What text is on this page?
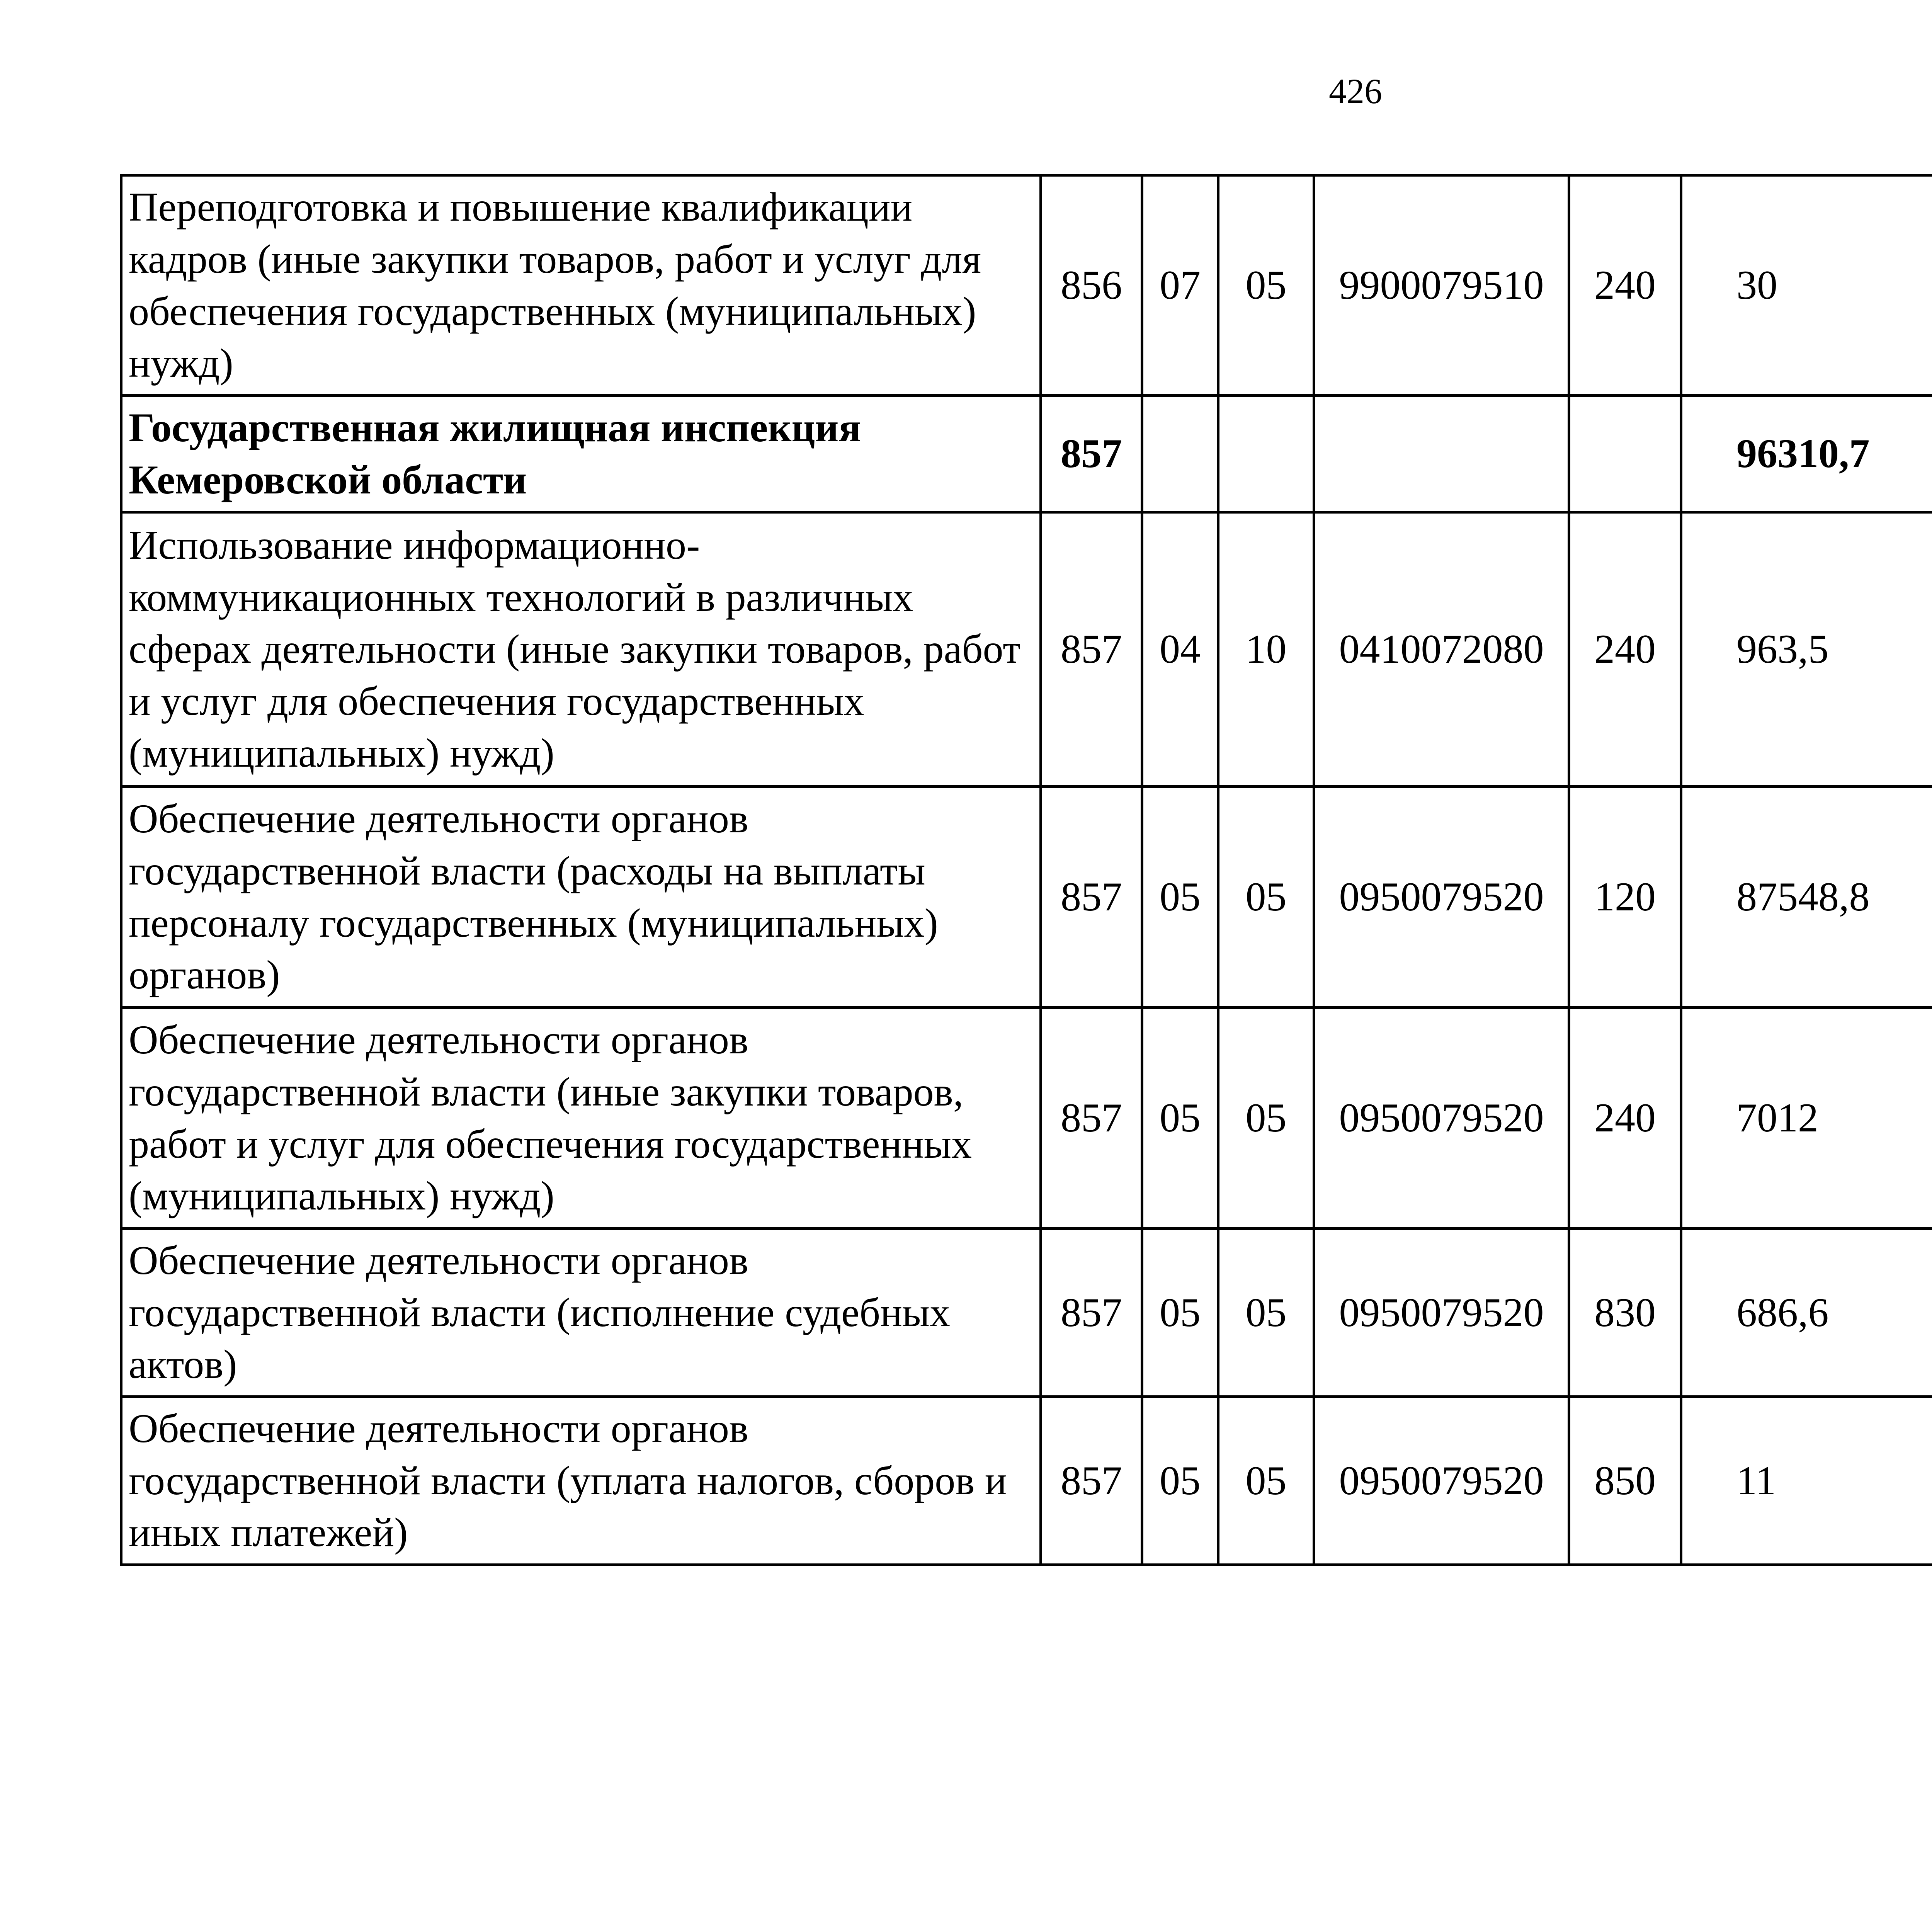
426
Переподготовка и повышение квалификации кадров (иные закупки товаров, работ и услуг для обеспечения государственных (муниципальных) нужд)	856	07	05	9900079510	240	30		
Государственная жилищная инспекция Кемеровской области	857					96310,7		
Использование информационно-коммуникационных технологий в различных сферах деятельности (иные закупки товаров, работ и услуг для обеспечения государственных (муниципальных) нужд)	857	04	10	0410072080	240	963,5		
Обеспечение деятельности органов государственной власти (расходы на выплаты персоналу государственных (муниципальных) органов)	857	05	05	0950079520	120	87548,8		
Обеспечение деятельности органов государственной власти (иные закупки товаров, работ и услуг для обеспечения государственных (муниципальных) нужд)	857	05	05	0950079520	240	7012		
Обеспечение деятельности органов государственной власти (исполнение судебных актов)	857	05	05	0950079520	830	686,6		
Обеспечение деятельности органов государственной власти (уплата налогов, сборов и иных платежей)	857	05	05	0950079520	850	11		
